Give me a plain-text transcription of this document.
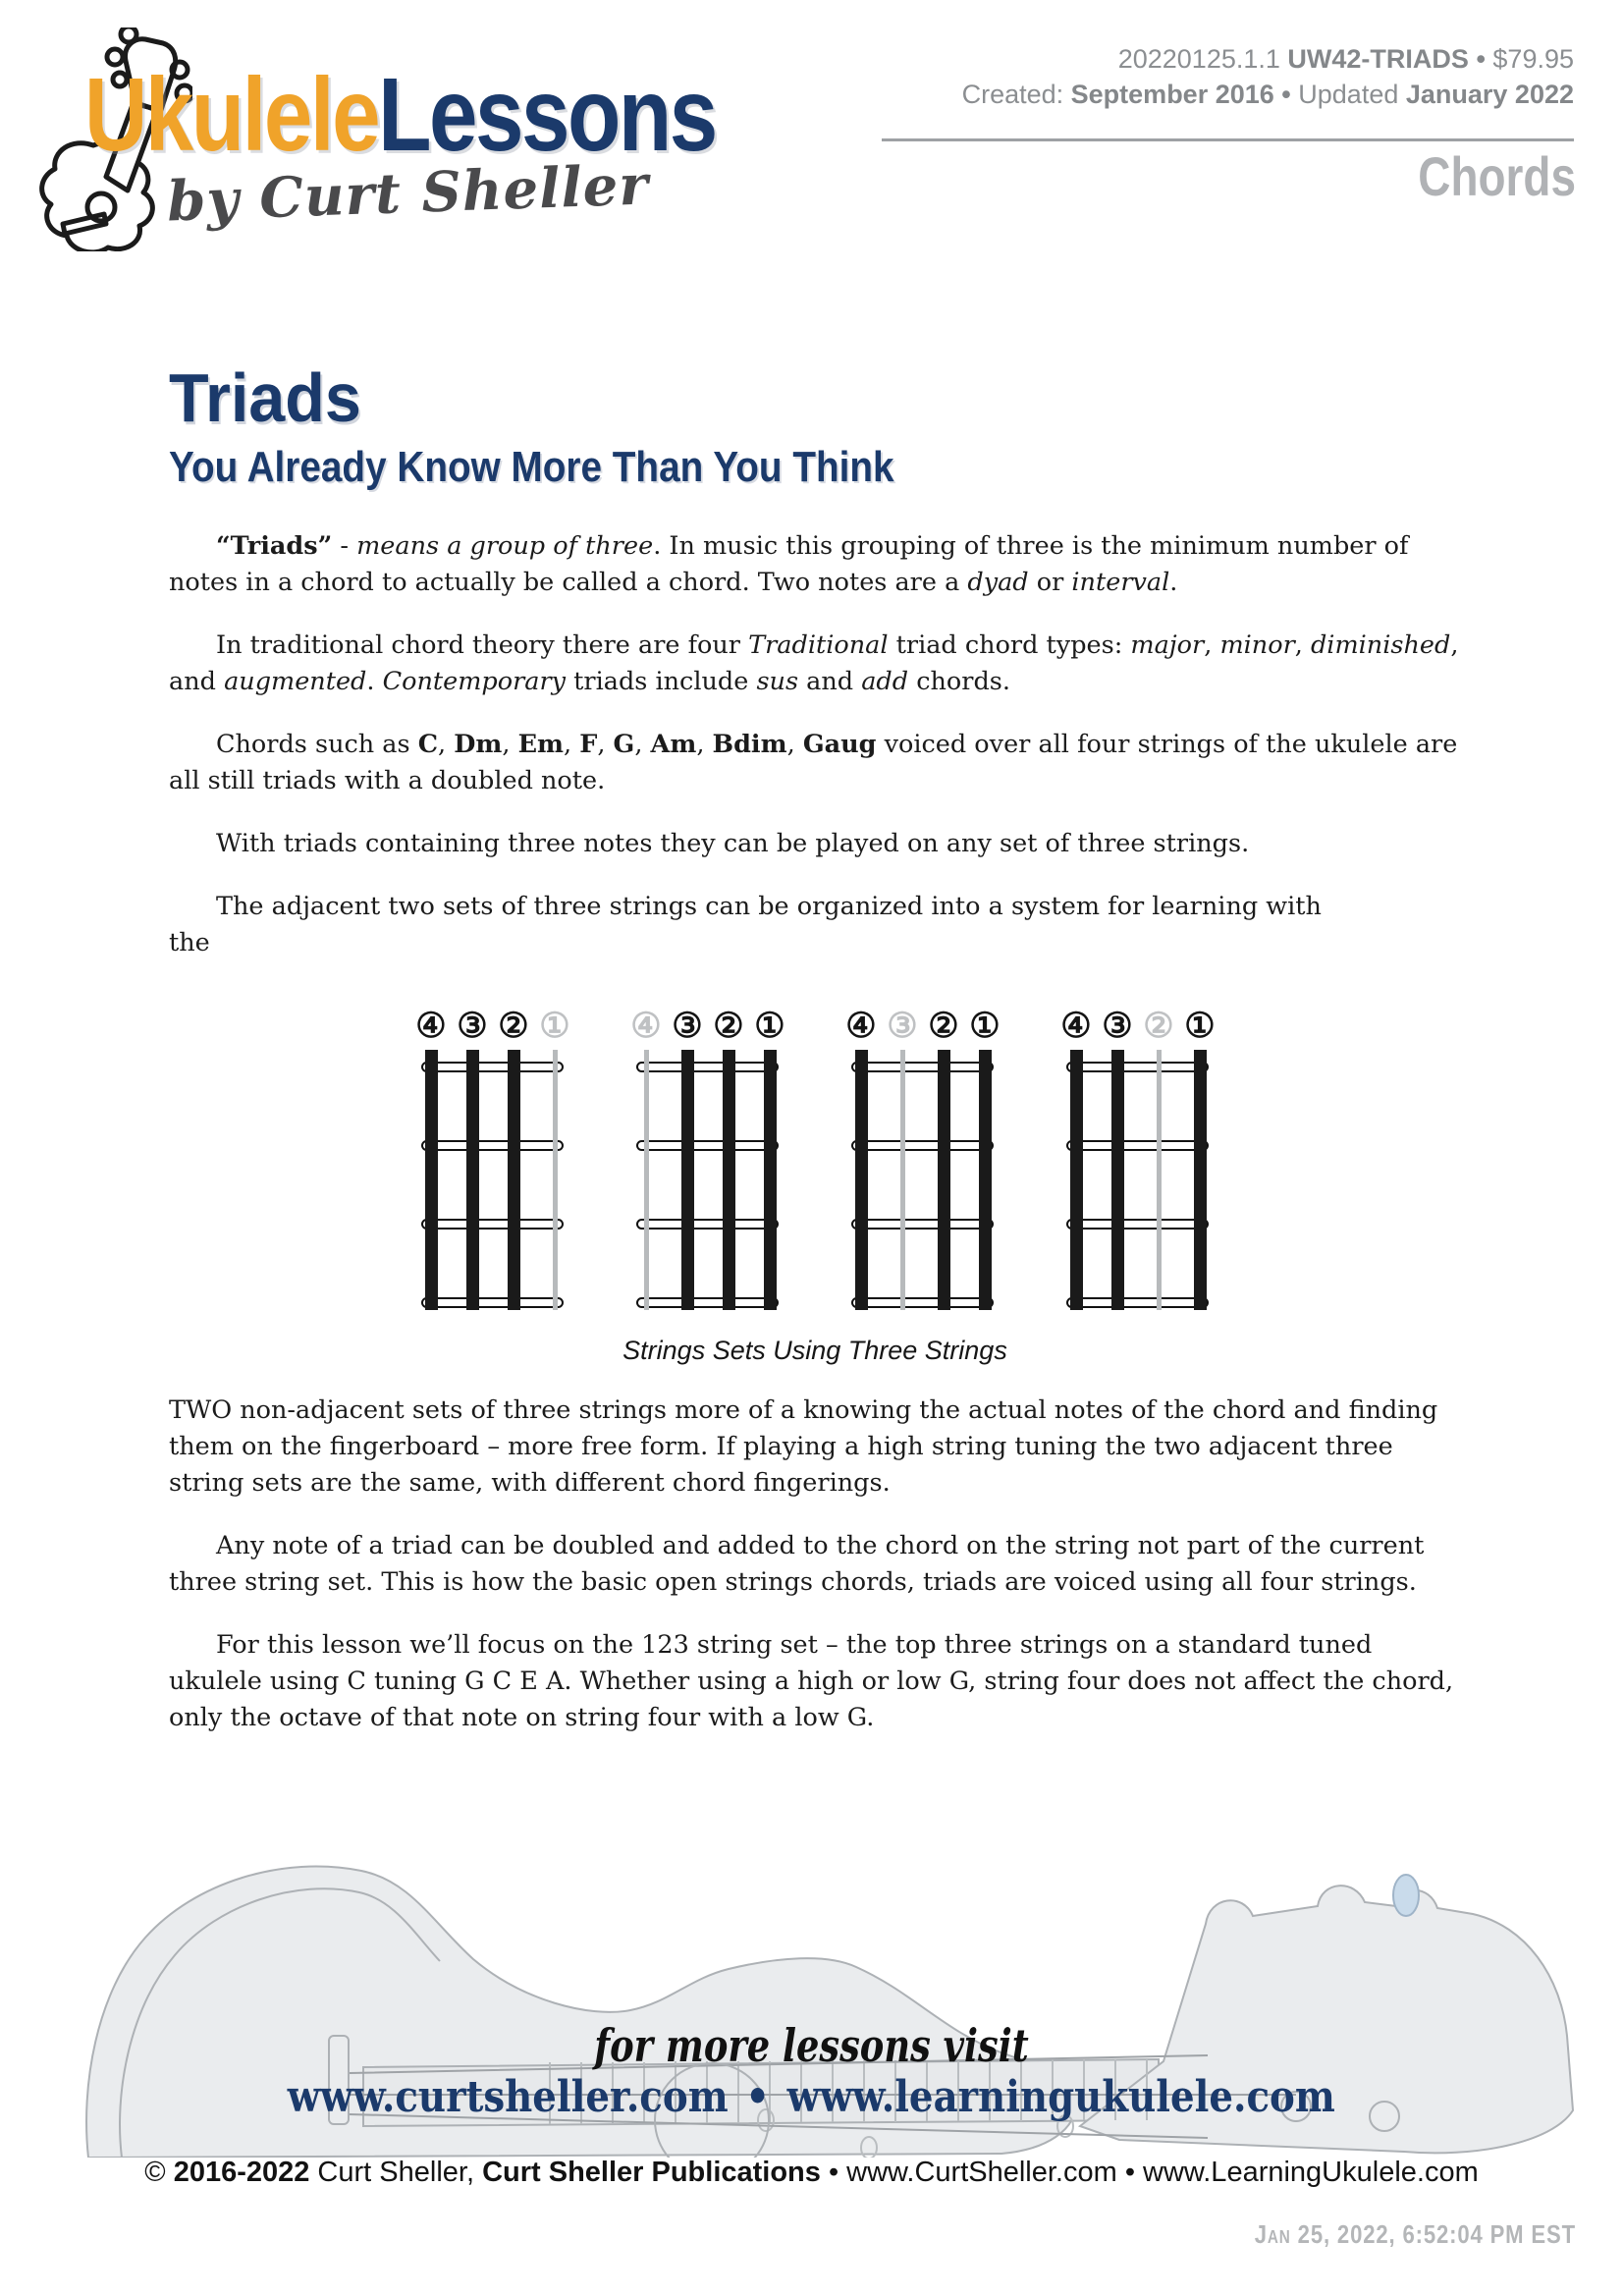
UkuleleLessons
by Curt Sheller
20220125.1.1 UW42-TRIADS • $79.95
Created: September 2016 • Updated January 2022
Chords
Triads
You Already Know More Than You Think

“Triads” - means a group of three. In music this grouping of three is the minimum number of notes in a chord to actually be called a chord. Two notes are a dyad or interval.

In traditional chord theory there are four Traditional triad chord types: major, minor, diminished, and augmented. Contemporary triads include sus and add chords.

Chords such as C, Dm, Em, F, G, Am, Bdim, Gaug voiced over all four strings of the ukulele are all still triads with a doubled note.

With triads containing three notes they can be played on any set of three strings.

The adjacent two sets of three strings can be organized into a system for learning with
the

④ ③ ② ① ④ ③ ② ① ④ ③ ② ① ④ ③ ② ①
Strings Sets Using Three Strings

TWO non-adjacent sets of three strings more of a knowing the actual notes of the chord and finding them on the fingerboard – more free form. If playing a high string tuning the two adjacent three string sets are the same, with different chord fingerings.

Any note of a triad can be doubled and added to the chord on the string not part of the current three string set. This is how the basic open strings chords, triads are voiced using all four strings.

For this lesson we’ll focus on the 123 string set – the top three strings on a standard tuned ukulele using C tuning G C E A. Whether using a high or low G, string four does not affect the chord, only the octave of that note on string four with a low G.

for more lessons visit
www.curtsheller.com • www.learningukulele.com
© 2016-2022 Curt Sheller, Curt Sheller Publications • www.CurtSheller.com • www.LearningUkulele.com
Jan 25, 2022, 6:52:04 PM EST
